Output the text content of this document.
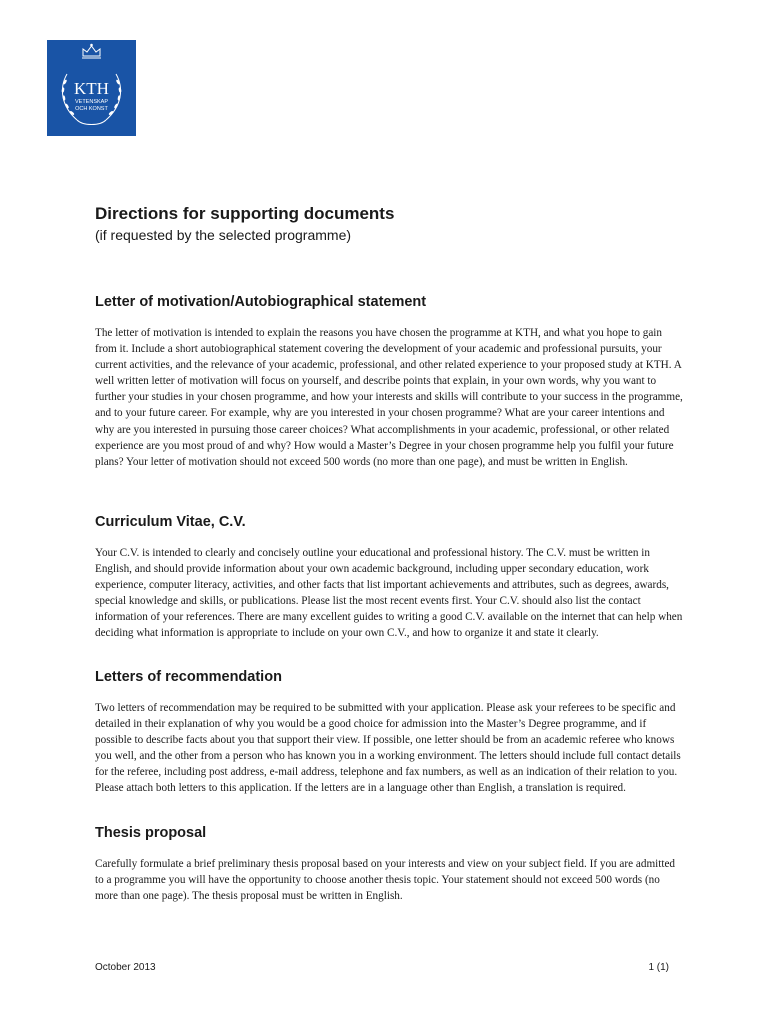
KTH
VETENSKAP
OCH KONST
Directions for supporting documents
(if requested by the selected programme)
Letter of motivation/Autobiographical statement

The letter of motivation is intended to explain the reasons you have chosen the programme at KTH, and what you hope to gain from it. Include a short autobiographical statement covering the development of your academic and professional pursuits, your current activities, and the relevance of your academic, professional, and other related experience to your proposed study at KTH. A well written letter of motivation will focus on yourself, and describe points that explain, in your own words, why you want to further your studies in your chosen programme, and how your interests and skills will contribute to your success in the programme, and to your future career. For example, why are you interested in your chosen programme? What are your career intentions and why are you interested in pursuing those career choices? What accomplishments in your academic, professional, or other related experience are you most proud of and why? How would a Master’s Degree in your chosen programme help you fulfil your future plans? Your letter of motivation should not exceed 500 words (no more than one page), and must be written in English.

Curriculum Vitae, C.V.

Your C.V. is intended to clearly and concisely outline your educational and professional history. The C.V. must be written in English, and should provide information about your own academic background, including upper secondary education, work experience, computer literacy, activities, and other facts that list important achievements and attributes, such as degrees, awards, special knowledge and skills, or publications. Please list the most recent events first. Your C.V. should also list the contact information of your references. There are many excellent guides to writing a good C.V. available on the internet that can help when deciding what information is appropriate to include on your own C.V., and how to organize it and state it clearly.

Letters of recommendation

Two letters of recommendation may be required to be submitted with your application. Please ask your referees to be specific and detailed in their explanation of why you would be a good choice for admission into the Master’s Degree programme, and if possible to describe facts about you that support their view. If possible, one letter should be from an academic referee who knows you well, and the other from a person who has known you in a working environment. The letters should include full contact details for the referee, including post address, e-mail address, telephone and fax numbers, as well as an indication of their relation to you. Please attach both letters to this application. If the letters are in a language other than English, a translation is required.

Thesis proposal

Carefully formulate a brief preliminary thesis proposal based on your interests and view on your subject field. If you are admitted to a programme you will have the opportunity to choose another thesis topic. Your statement should not exceed 500 words (no more than one page). The thesis proposal must be written in English.

October 2013	1 (1)
